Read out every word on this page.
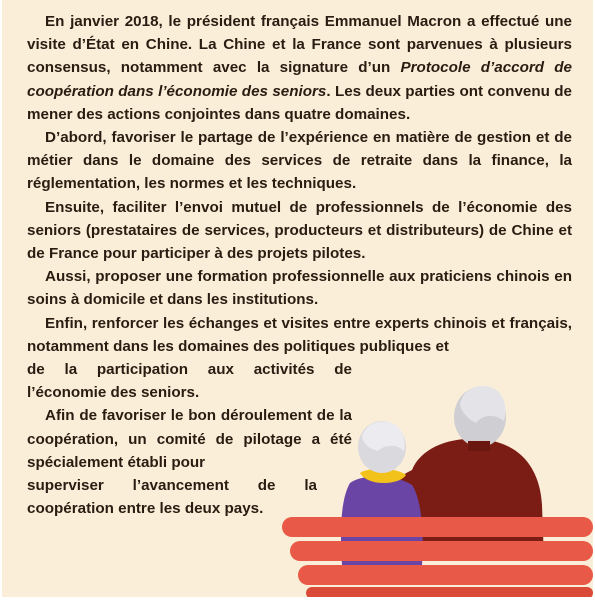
En janvier 2018, le président français Emmanuel Macron a effectué une visite d’État en Chine. La Chine et la France sont parvenues à plusieurs consensus, notamment avec la signature d’un Protocole d’accord de coopération dans l’économie des seniors. Les deux parties ont convenu de mener des actions conjointes dans quatre domaines.

D’abord, favoriser le partage de l’expérience en matière de gestion et de métier dans le domaine des services de retraite dans la finance, la réglementation, les normes et les techniques.

Ensuite, faciliter l’envoi mutuel de professionnels de l’économie des seniors (prestataires de services, producteurs et distributeurs) de Chine et de France pour participer à des projets pilotes.

Aussi, proposer une formation professionnelle aux praticiens chinois en soins à domicile et dans les institutions.

Enfin, renforcer les échanges et visites entre experts chinois et français, notamment dans les domaines des politiques publiques et

de la participation aux activités de l’économie des seniors.

Afin de favoriser le bon déroulement de la coopération, un comité de pilotage a été spécialement établi pour

superviser l’avancement de la coopération entre les deux pays.
